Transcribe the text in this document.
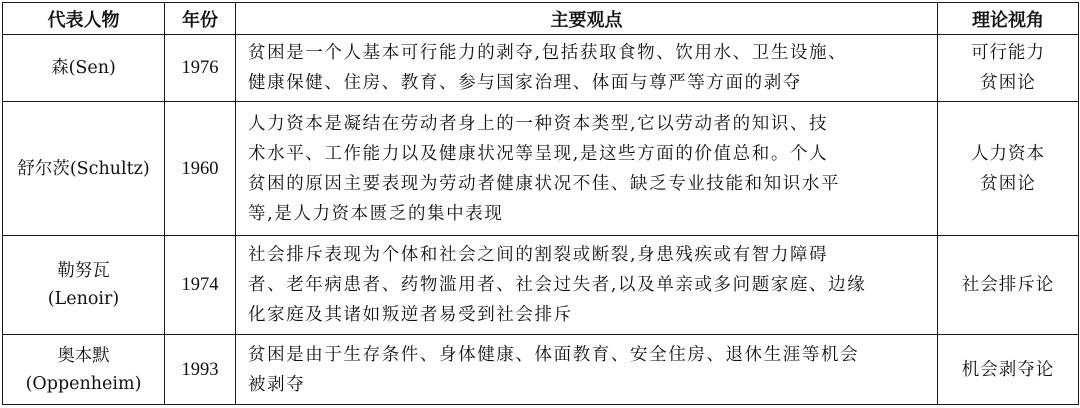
代表人物	年份	主要观点	理论视角

森(Sen)	1976	贫困是一个人基本可行能力的剥夺,包括获取食物、饮用水、卫生设施、
健康保健、住房、教育、参与国家治理、体面与尊严等方面的剥夺	可行能力
贫困论

舒尔茨(Schultz)	1960	人力资本是凝结在劳动者身上的一种资本类型,它以劳动者的知识、技
术水平、工作能力以及健康状况等呈现,是这些方面的价值总和。个人
贫困的原因主要表现为劳动者健康状况不佳、缺乏专业技能和知识水平
等,是人力资本匮乏的集中表现	人力资本
贫困论

勒努瓦
(Lenoir)	1974	社会排斥表现为个体和社会之间的割裂或断裂,身患残疾或有智力障碍
者、老年病患者、药物滥用者、社会过失者,以及单亲或多问题家庭、边缘
化家庭及其诸如叛逆者易受到社会排斥	社会排斥论

奥本默
(Oppenheim)	1993	贫困是由于生存条件、身体健康、体面教育、安全住房、退休生涯等机会
被剥夺	机会剥夺论
